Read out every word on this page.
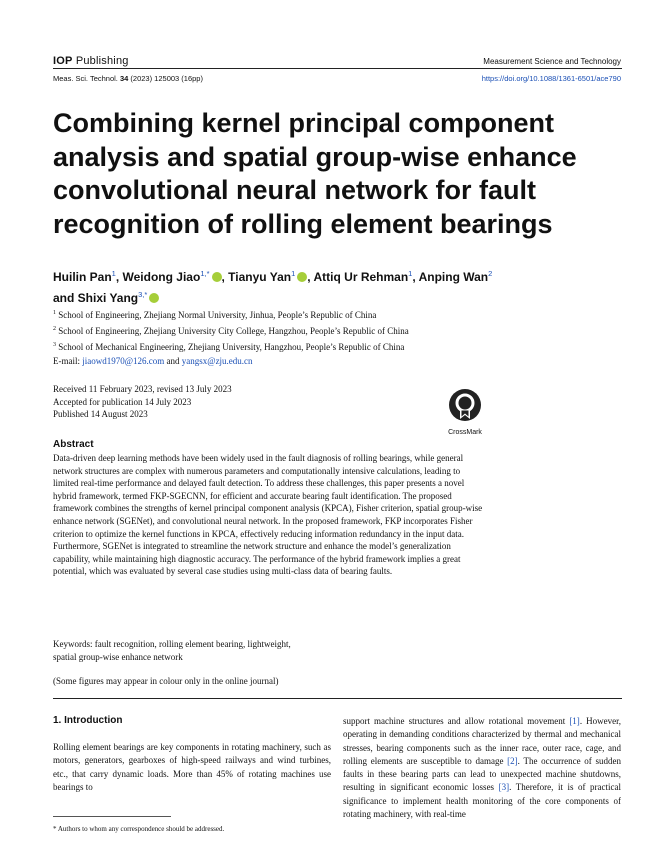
IOP Publishing	Measurement Science and Technology
Meas. Sci. Technol. 34 (2023) 125003 (16pp)	https://doi.org/10.1088/1361-6501/ace790
Combining kernel principal component analysis and spatial group-wise enhance convolutional neural network for fault recognition of rolling element bearings
Huilin Pan$^1$, Weidong Jiao$^{1,*}$ , Tianyu Yan$^1$ , Attiq Ur Rehman$^1$, Anping Wan$^2$
and Shixi Yang$^{3,*}$
$^1$ School of Engineering, Zhejiang Normal University, Jinhua, People’s Republic of China
$^2$ School of Engineering, Zhejiang University City College, Hangzhou, People’s Republic of China
$^3$ School of Mechanical Engineering, Zhejiang University, Hangzhou, People’s Republic of China
E-mail: jiaowd1970@126.com and yangsx@zju.edu.cn
Received 11 February 2023, revised 13 July 2023
Accepted for publication 14 July 2023
Published 14 August 2023
CrossMark
Abstract
Data-driven deep learning methods have been widely used in the fault diagnosis of rolling bearings, while general network structures are complex with numerous parameters and computationally intensive calculations, leading to limited real-time performance and delayed fault detection. To address these challenges, this paper presents a novel hybrid framework, termed FKP-SGECNN, for efficient and accurate bearing fault identification. The proposed framework combines the strengths of kernel principal component analysis (KPCA), Fisher criterion, spatial group-wise enhance network (SGENet), and convolutional neural network. In the proposed framework, FKP incorporates Fisher criterion to optimize the kernel functions in KPCA, effectively reducing information redundancy in the input data. Furthermore, SGENet is integrated to streamline the network structure and enhance the model’s generalization capability, while maintaining high diagnostic accuracy. The performance of the hybrid framework implies a great potential, which was evaluated by several case studies using multi-class data of bearing faults.
Keywords: fault recognition, rolling element bearing, lightweight,
spatial group-wise enhance network
(Some figures may appear in colour only in the online journal)
1. Introduction
Rolling element bearings are key components in rotating machinery, such as motors, generators, gearboxes of high-speed railways and wind turbines, etc., that carry dynamic loads. More than 45% of rotating machines use bearings to
support machine structures and allow rotational movement [1]. However, operating in demanding conditions characterized by thermal and mechanical stresses, bearing components such as the inner race, outer race, cage, and rolling elements are susceptible to damage [2]. The occurrence of sudden faults in these bearing parts can lead to unexpected machine shutdowns, resulting in significant economic losses [3]. Therefore, it is of practical significance to implement health monitoring of the core components of rotating machinery, with real-time
* Authors to whom any correspondence should be addressed.
